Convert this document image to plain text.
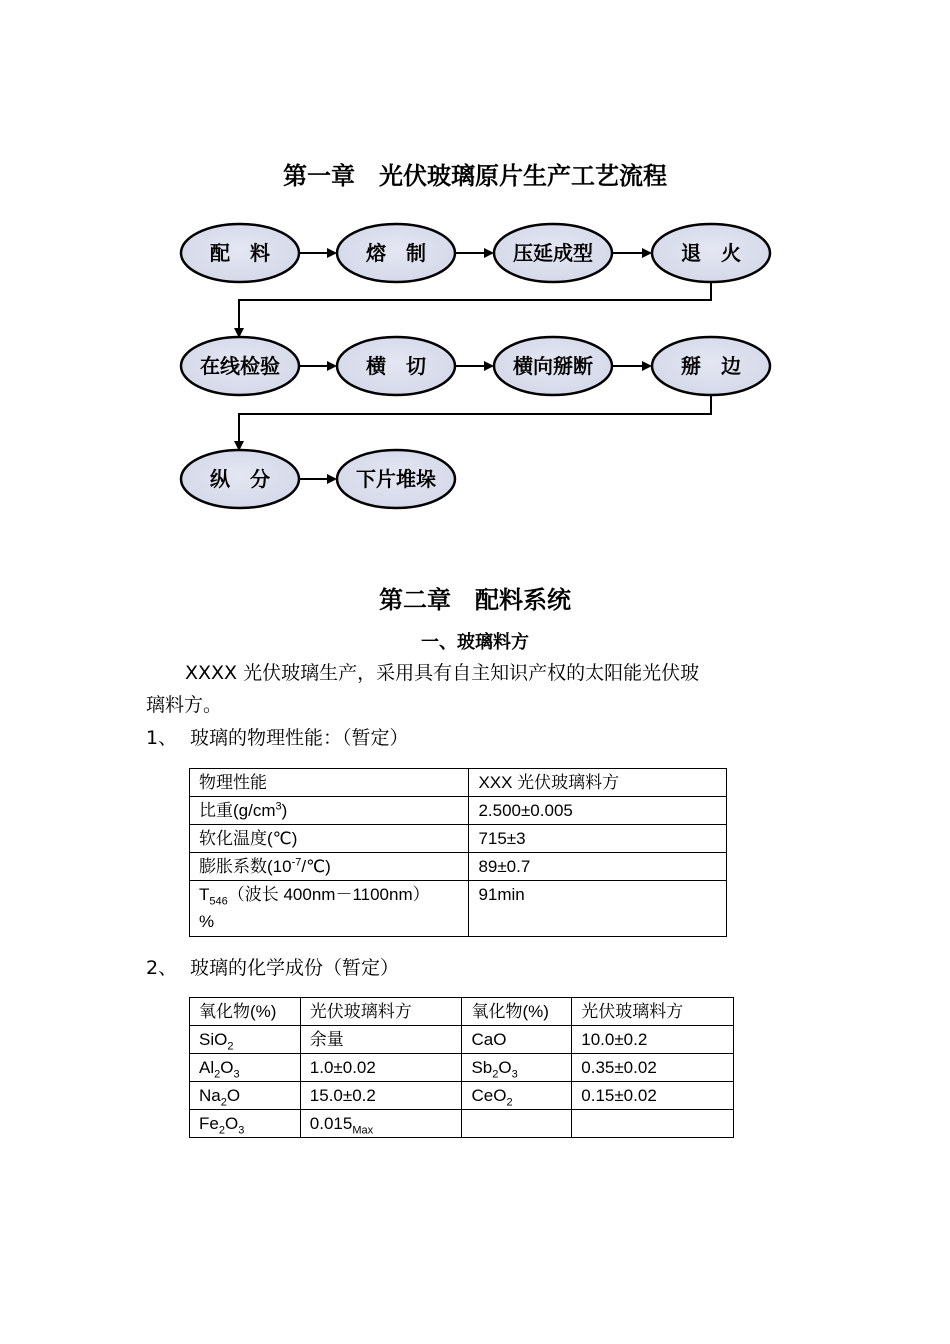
第一章　光伏玻璃原片生产工艺流程
配　料	熔　制	压延成型	退　火
在线检验	横　切	横向掰断	掰　边
纵　分	下片堆垛
第二章　配料系统
一、玻璃料方
XXXX 光伏玻璃生产，采用具有自主知识产权的太阳能光伏玻
璃料方。
1、 玻璃的物理性能：（暂定）
物理性能	XXX 光伏玻璃料方
比重$(g/cm^3)$	2.500±0.005
软化温度(℃)	715±3
膨胀系数$(10^{-7}/℃)$	89±0.7
$T_{546}$（波长 400nm－1100nm）
%	91min
2、 玻璃的化学成份（暂定）
氧化物(%)	光伏玻璃料方	氧化物(%)	光伏玻璃料方
SiO$_2$	余量	CaO	10.0±0.2
$Al_2O_3$	1.0±0.02	$Sb_2O_3$	0.35±0.02
$Na_2O$	15.0±0.2	CeO$_2$	0.15±0.02
$Fe_2O_3$	$0.015_{Max}$		
